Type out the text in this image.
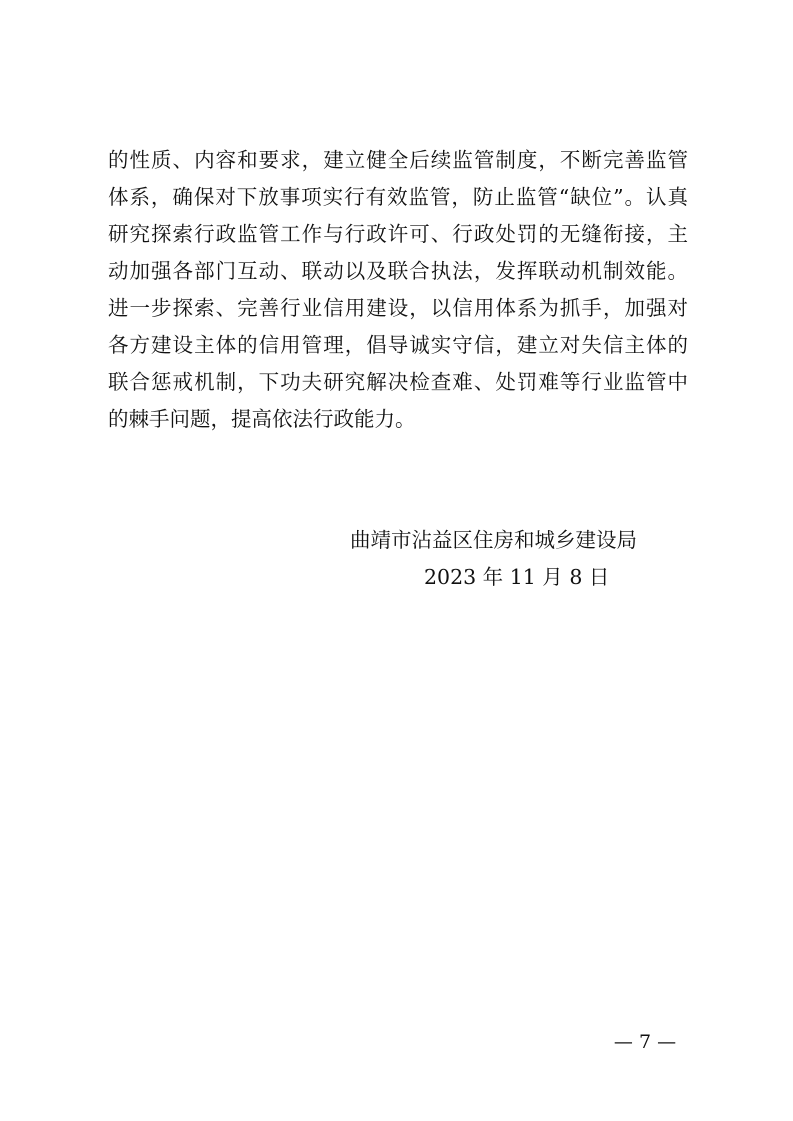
的性质、内容和要求，建立健全后续监管制度，不断完善监管
体系，确保对下放事项实行有效监管，防止监管“缺位”。认真
研究探索行政监管工作与行政许可、行政处罚的无缝衔接，主
动加强各部门互动、联动以及联合执法，发挥联动机制效能。
进一步探索、完善行业信用建设，以信用体系为抓手，加强对
各方建设主体的信用管理，倡导诚实守信，建立对失信主体的
联合惩戒机制，下功夫研究解决检查难、处罚难等行业监管中
的棘手问题，提高依法行政能力。
曲靖市沾益区住房和城乡建设局
2023 年 11 月 8 日
— 7 —
